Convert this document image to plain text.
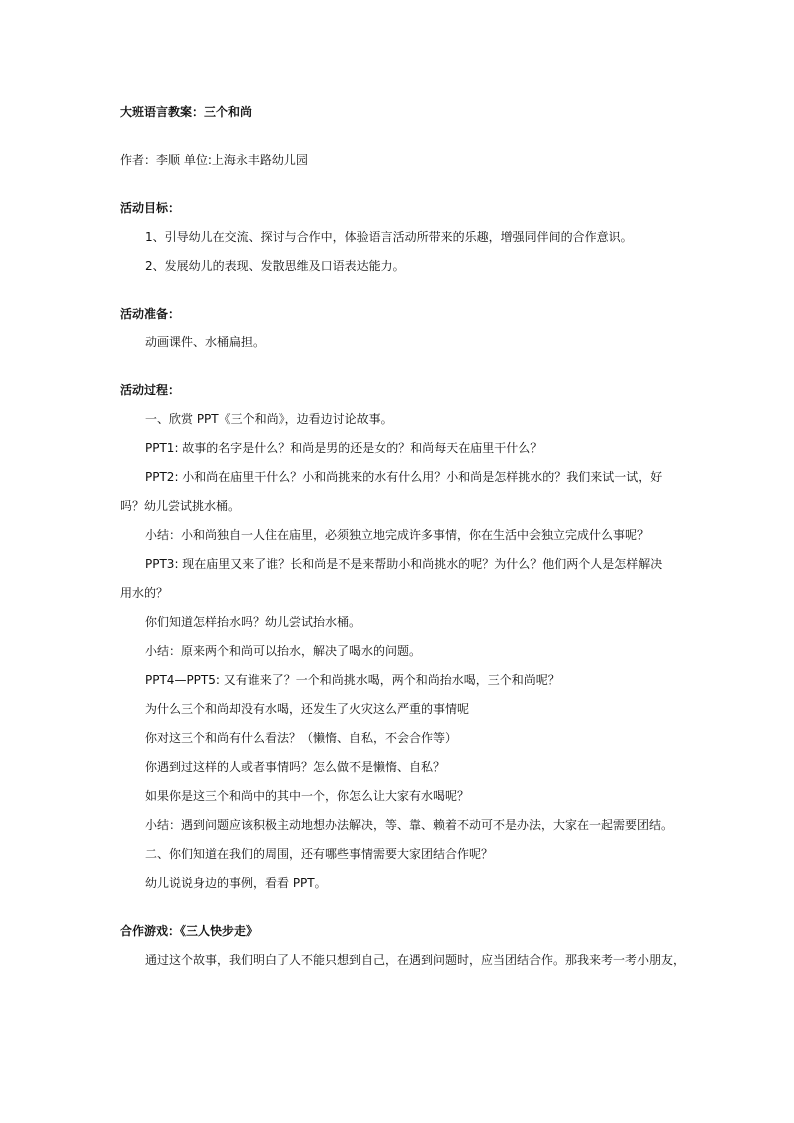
大班语言教案：三个和尚

作者：李顺 单位:上海永丰路幼儿园

活动目标：

1、引导幼儿在交流、探讨与合作中，体验语言活动所带来的乐趣，增强同伴间的合作意识。

2、发展幼儿的表现、发散思维及口语表达能力。

活动准备：

动画课件、水桶扁担。

活动过程：

一、欣赏 PPT《三个和尚》，边看边讨论故事。

PPT1: 故事的名字是什么？和尚是男的还是女的？和尚每天在庙里干什么？

PPT2: 小和尚在庙里干什么？小和尚挑来的水有什么用？小和尚是怎样挑水的？我们来试一试，好

吗？幼儿尝试挑水桶。

小结：小和尚独自一人住在庙里，必须独立地完成许多事情，你在生活中会独立完成什么事呢？

PPT3: 现在庙里又来了谁？长和尚是不是来帮助小和尚挑水的呢？为什么？他们两个人是怎样解决

用水的？

你们知道怎样抬水吗？幼儿尝试抬水桶。

小结：原来两个和尚可以抬水，解决了喝水的问题。

PPT4—PPT5: 又有谁来了？一个和尚挑水喝，两个和尚抬水喝，三个和尚呢？

为什么三个和尚却没有水喝，还发生了火灾这么严重的事情呢

你对这三个和尚有什么看法？（懒惰、自私，不会合作等）

你遇到过这样的人或者事情吗？怎么做不是懒惰、自私？

如果你是这三个和尚中的其中一个，你怎么让大家有水喝呢？

小结：遇到问题应该积极主动地想办法解决，等、靠、赖着不动可不是办法，大家在一起需要团结。

二、你们知道在我们的周围，还有哪些事情需要大家团结合作呢？

幼儿说说身边的事例，看看 PPT。

合作游戏：《三人快步走》

通过这个故事，我们明白了人不能只想到自己，在遇到问题时，应当团结合作。那我来考一考小朋友，
